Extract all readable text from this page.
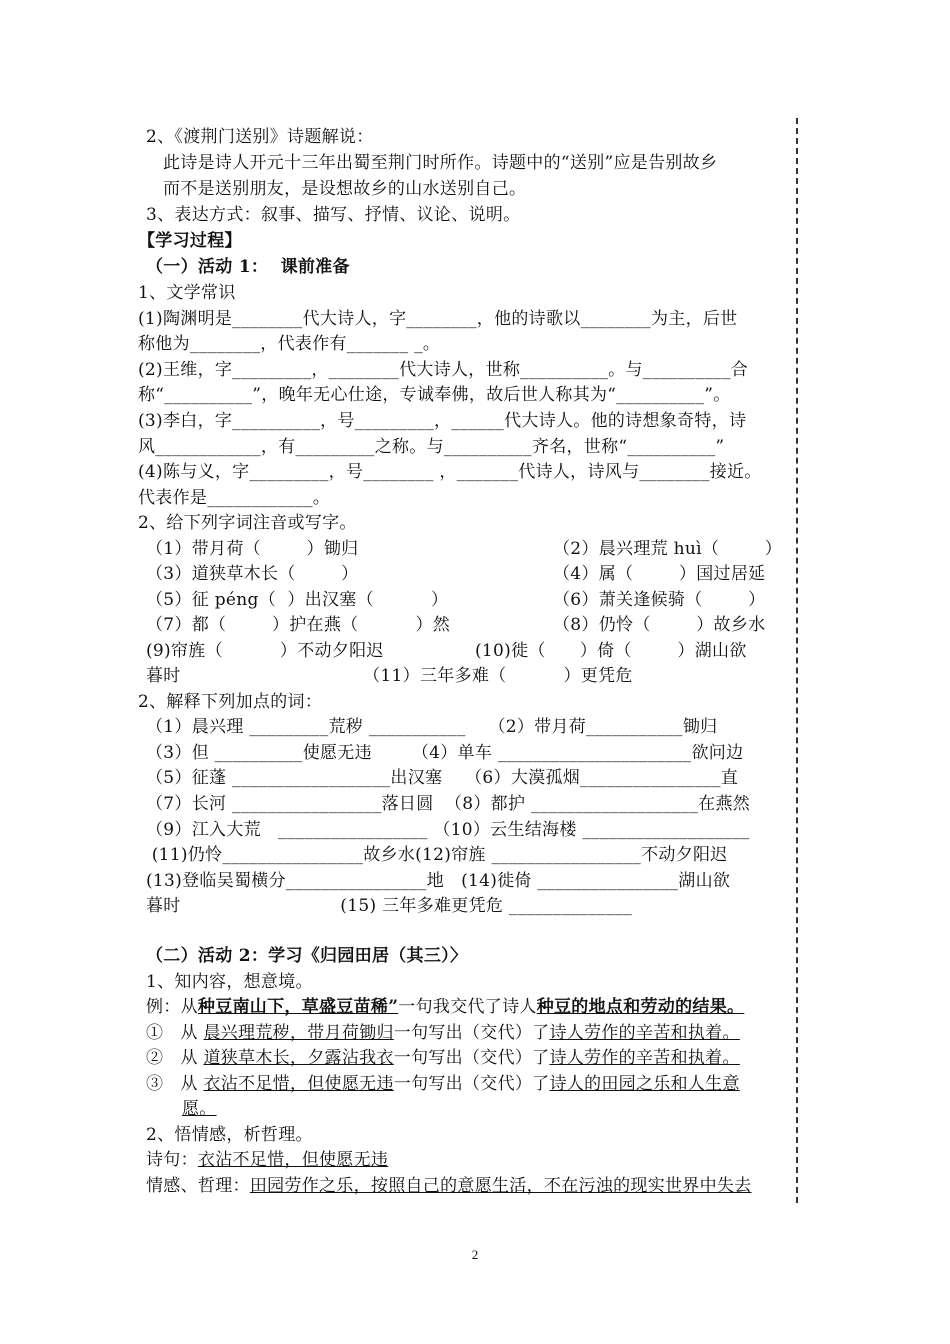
2、《渡荆门送别》诗题解说：
此诗是诗人开元十三年出蜀至荆门时所作。诗题中的“送别”应是告别故乡
而不是送别朋友，是设想故乡的山水送别自己。
3、表达方式：叙事、描写、抒情、议论、说明。
【学习过程】
（一）活动 1：  课前准备
1、文学常识
(1)陶渊明是________代大诗人，字________，他的诗歌以________为主，后世
称他为________，代表作有_______ _。
(2)王维，字_________，________代大诗人，世称__________。与__________合
称“__________”，晚年无心仕途，专诚奉佛，故后世人称其为“__________”。
(3)李白，字__________，号_________，______代大诗人。他的诗想象奇特，诗
风____________，有_________之称。与__________齐名，世称“__________”
(4)陈与义，字_________，号________ ，_______代诗人，诗风与________接近。
代表作是____________。
2、给下列字词注音或写字。
（1）带月荷（        ）锄归	（2）晨兴理荒 huì（        ）
（3）道狭草木长（        ）	（4）属（        ）国过居延
（5）征 péng（  ）出汉塞（          ）	（6）萧关逢候骑（        ）
（7）都（        ）护在燕（          ）然	（8）仍怜（        ）故乡水
(9)帘旌（          ）不动夕阳迟                (10)徙（      ）倚（        ）湖山欲
暮时                                （11）三年多难（          ）更凭危
2、解释下列加点的词：
（1）晨兴理 _________荒秽 ___________    （2）带月荷___________锄归
（3）但 __________使愿无违       （4）单车 ______________________欲问边
（5）征蓬 __________________出汉塞    （6）大漠孤烟________________直
（7）长河 _________________落日圆  （8）都护 ___________________在燕然
（9）江入大荒   _________________ （10）云生结海楼 ___________________
(11)仍怜________________故乡水(12)帘旌 _________________不动夕阳迟
(13)登临吴蜀横分________________地   (14)徙倚 ________________湖山欲
暮时                            (15) 三年多难更凭危 ______________
（二）活动 2：学习《归园田居（其三）〉
1、知内容，想意境。
例：从种豆南山下，草盛豆苗稀”一句我交代了诗人种豆的地点和劳动的结果。
① 从 晨兴理荒秽，带月荷锄归一句写出（交代）了诗人劳作的辛苦和执着。
② 从 道狭草木长，夕露沾我衣一句写出（交代）了诗人劳作的辛苦和执着。
③ 从 衣沾不足惜，但使愿无违一句写出（交代）了诗人的田园之乐和人生意
愿。
2、悟情感，析哲理。
诗句：衣沾不足惜，但使愿无违
情感、哲理：田园劳作之乐，按照自己的意愿生活，不在污浊的现实世界中失去
2
